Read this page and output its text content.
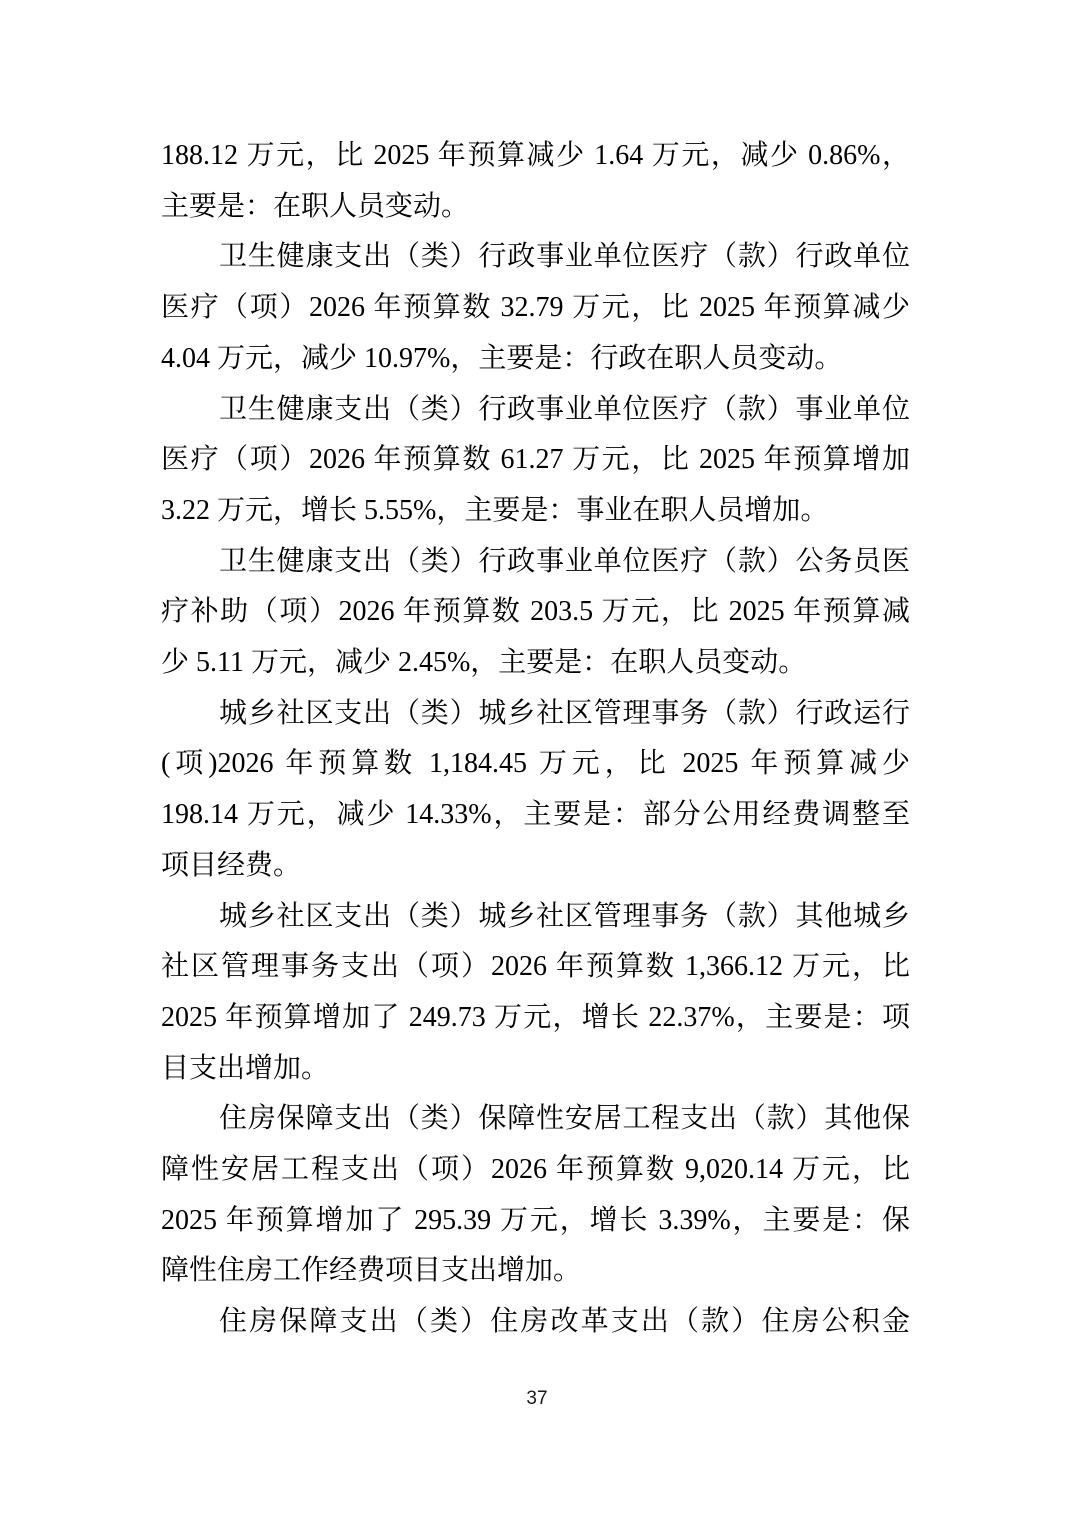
188.12 万元，比 2025 年预算减少 1.64 万元，减少 0.86%，
主要是：在职人员变动。
卫生健康支出（类）行政事业单位医疗（款）行政单位
医疗（项）2026 年预算数 32.79 万元，比 2025 年预算减少
4.04 万元，减少 10.97%，主要是：行政在职人员变动。
卫生健康支出（类）行政事业单位医疗（款）事业单位
医疗（项）2026 年预算数 61.27 万元，比 2025 年预算增加
3.22 万元，增长 5.55%，主要是：事业在职人员增加。
卫生健康支出（类）行政事业单位医疗（款）公务员医
疗补助（项）2026 年预算数 203.5 万元，比 2025 年预算减
少 5.11 万元，减少 2.45%，主要是：在职人员变动。
城乡社区支出（类）城乡社区管理事务（款）行政运行
(项)2026 年预算数 1,184.45 万元，比 2025 年预算减少
198.14 万元，减少 14.33%，主要是：部分公用经费调整至
项目经费。
城乡社区支出（类）城乡社区管理事务（款）其他城乡
社区管理事务支出（项）2026 年预算数 1,366.12 万元，比
2025 年预算增加了 249.73 万元，增长 22.37%，主要是：项
目支出增加。
住房保障支出（类）保障性安居工程支出（款）其他保
障性安居工程支出（项）2026 年预算数 9,020.14 万元，比
2025 年预算增加了 295.39 万元，增长 3.39%，主要是：保
障性住房工作经费项目支出增加。
住房保障支出（类）住房改革支出（款）住房公积金
37
